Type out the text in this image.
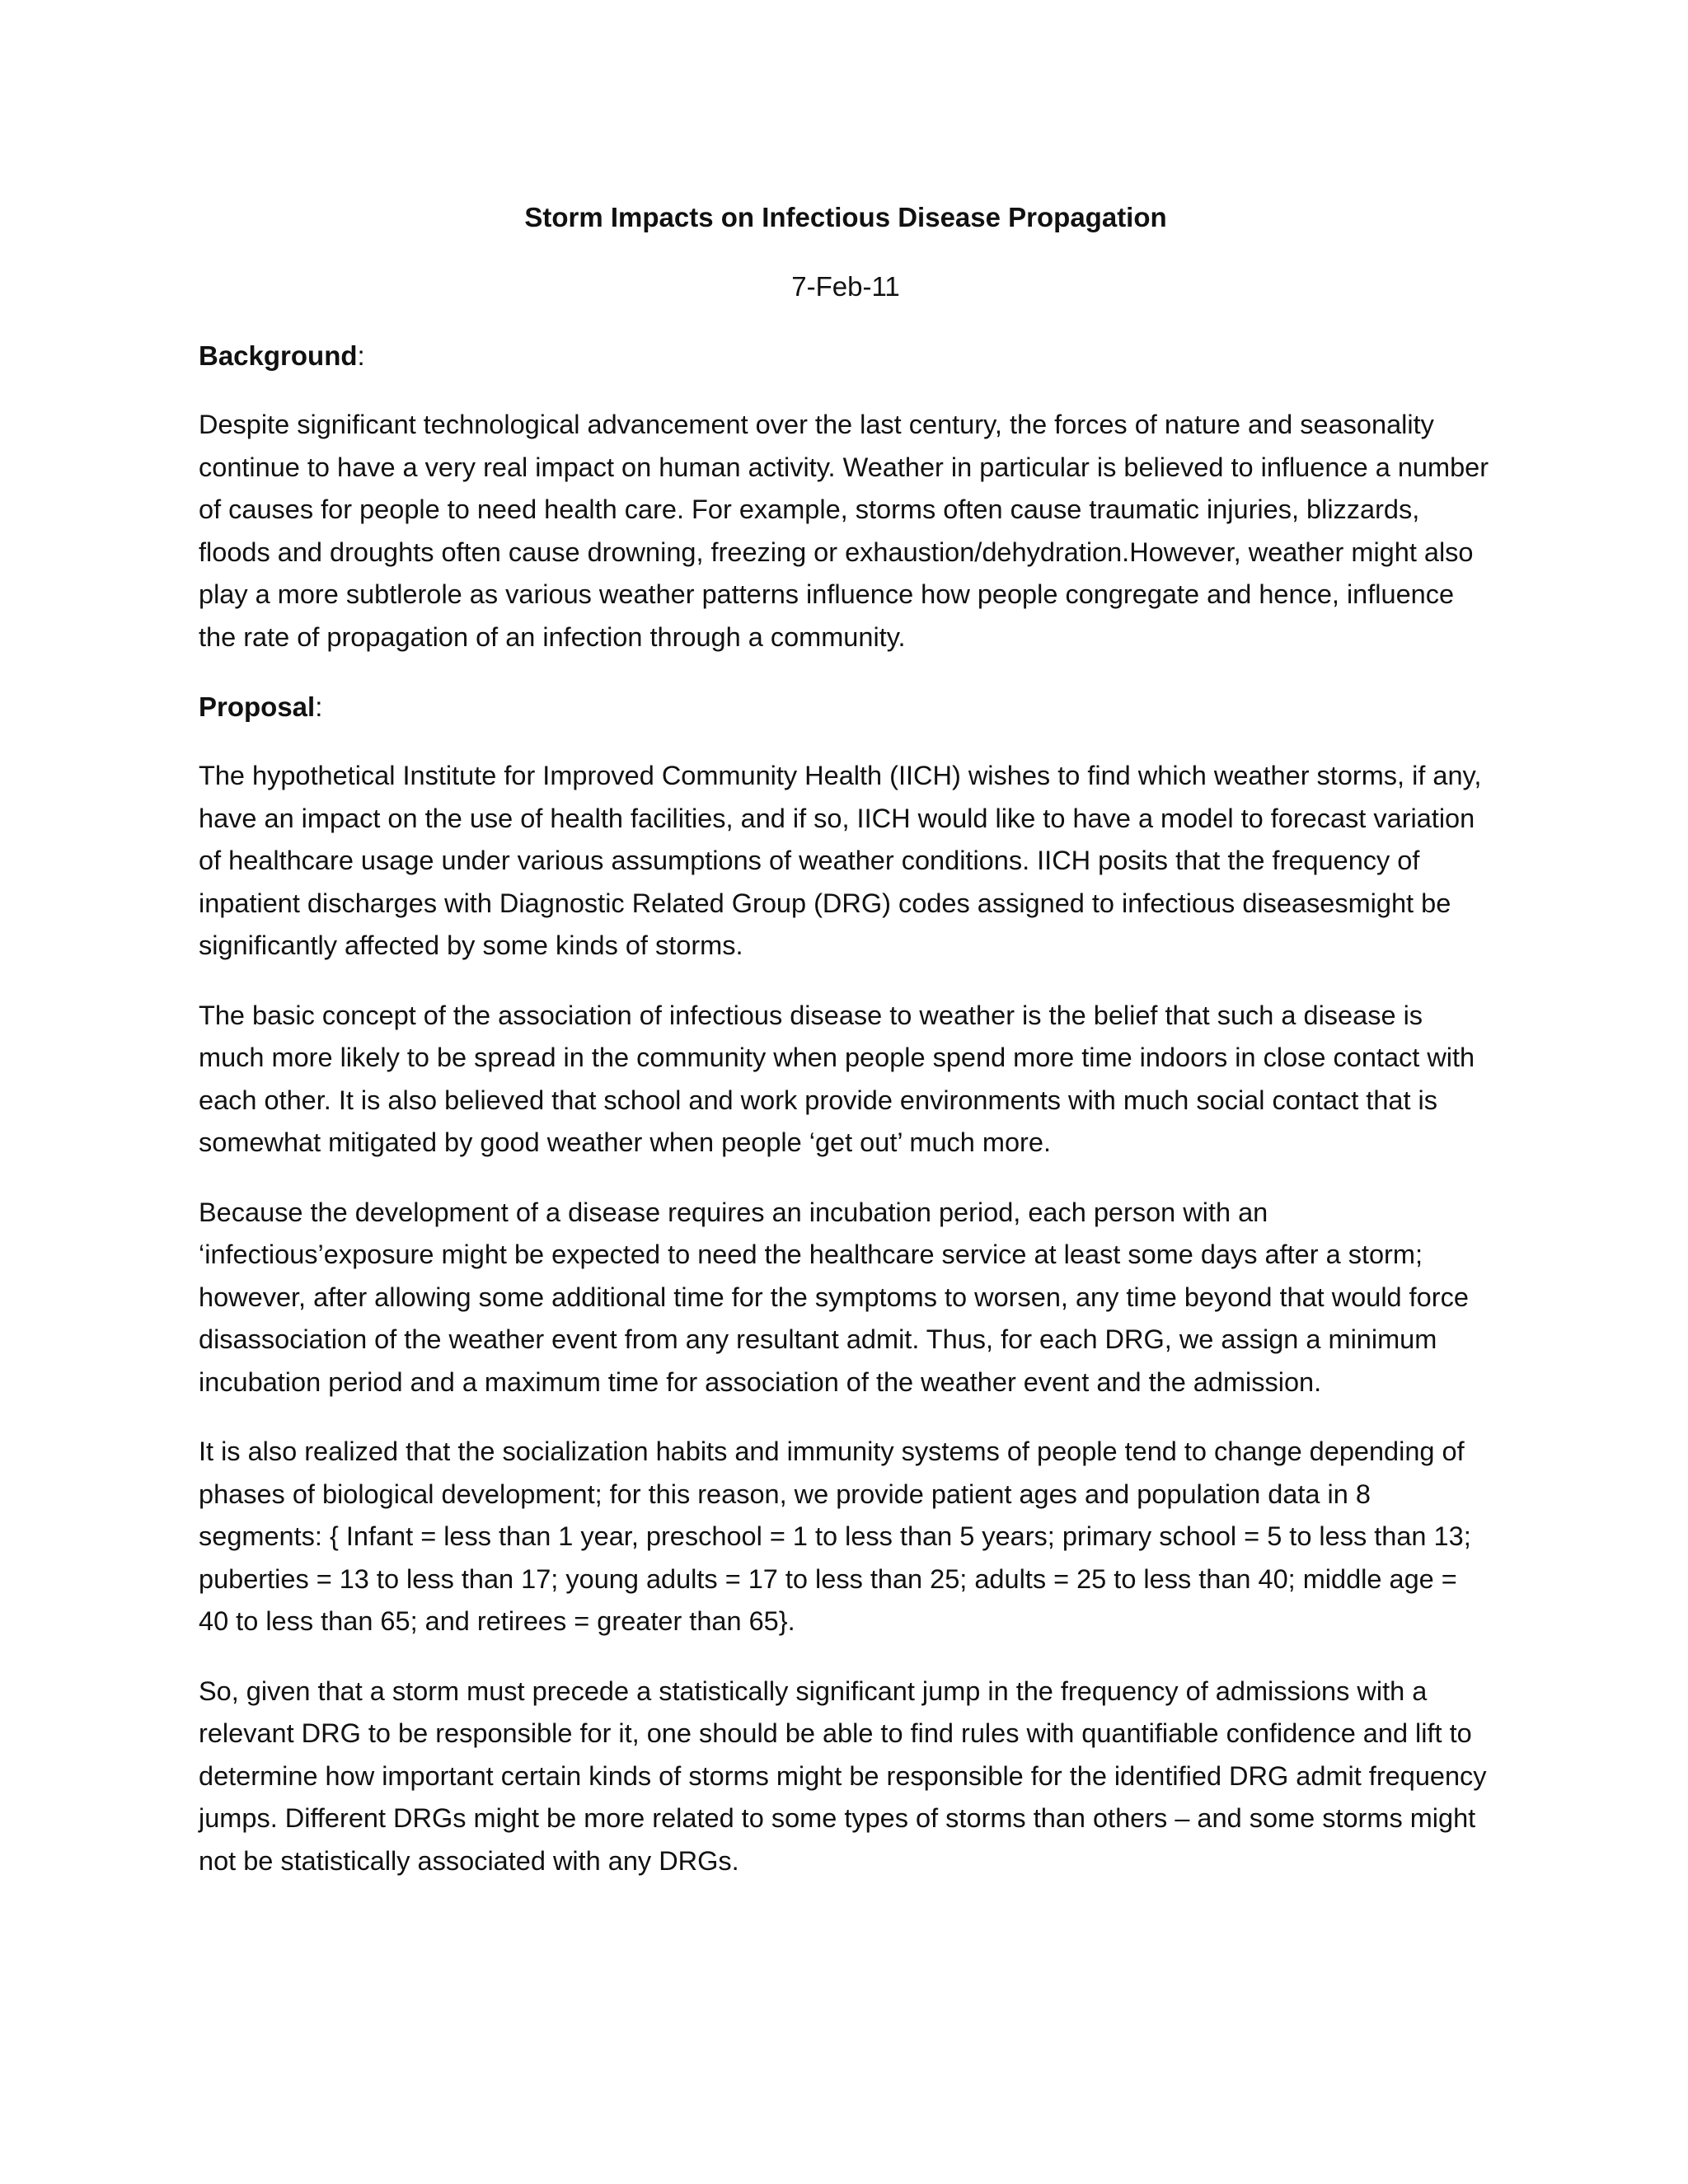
Storm Impacts on Infectious Disease Propagation
7-Feb-11
Background:

Despite significant technological advancement over the last century, the forces of nature and seasonality continue to have a very real impact on human activity. Weather in particular is believed to influence a number of causes for people to need health care. For example, storms often cause traumatic injuries, blizzards, floods and droughts often cause drowning, freezing or exhaustion/dehydration.However, weather might also play a more subtlerole as various weather patterns influence how people congregate and hence, influence the rate of propagation of an infection through a community.

Proposal:

The hypothetical Institute for Improved Community Health (IICH) wishes to find which weather storms, if any, have an impact on the use of health facilities, and if so, IICH would like to have a model to forecast variation of healthcare usage under various assumptions of weather conditions. IICH posits that the frequency of inpatient discharges with Diagnostic Related Group (DRG) codes assigned to infectious diseasesmight be significantly affected by some kinds of storms.

The basic concept of the association of infectious disease to weather is the belief that such a disease is much more likely to be spread in the community when people spend more time indoors in close contact with each other. It is also believed that school and work provide environments with much social contact that is somewhat mitigated by good weather when people ‘get out’ much more.

Because the development of a disease requires an incubation period, each person with an ‘infectious’exposure might be expected to need the healthcare service at least some days after a storm; however, after allowing some additional time for the symptoms to worsen, any time beyond that would force disassociation of the weather event from any resultant admit. Thus, for each DRG, we assign a minimum incubation period and a maximum time for association of the weather event and the admission.

It is also realized that the socialization habits and immunity systems of people tend to change depending of phases of biological development; for this reason, we provide patient ages and population data in 8 segments: { Infant = less than 1 year, preschool = 1 to less than 5 years; primary school = 5 to less than 13; puberties = 13 to less than 17; young adults = 17 to less than 25; adults = 25 to less than 40; middle age = 40 to less than 65; and retirees = greater than 65}.

So, given that a storm must precede a statistically significant jump in the frequency of admissions with a relevant DRG to be responsible for it, one should be able to find rules with quantifiable confidence and lift to determine how important certain kinds of storms might be responsible for the identified DRG admit frequency jumps. Different DRGs might be more related to some types of storms than others – and some storms might not be statistically associated with any DRGs.
